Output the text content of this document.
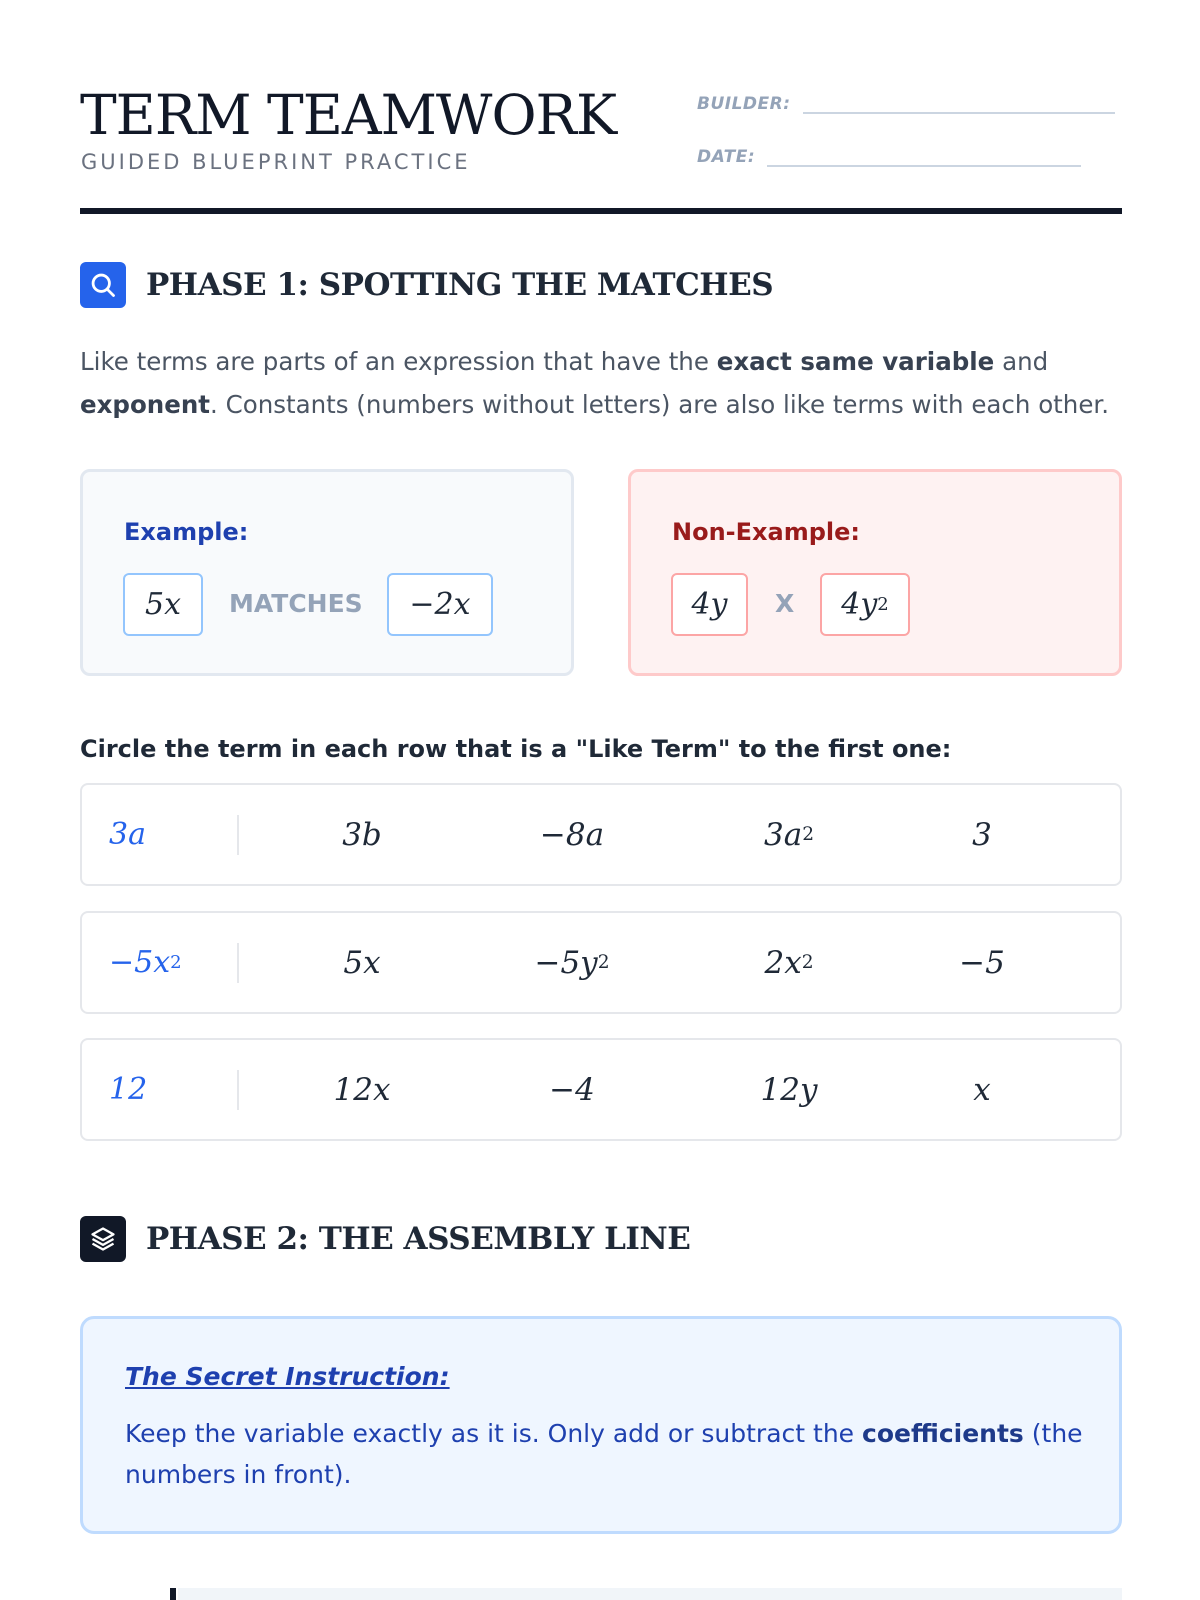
TERM TEAMWORK
GUIDED BLUEPRINT PRACTICE
BUILDER:
DATE:
PHASE 1: SPOTTING THE MATCHES
Like terms are parts of an expression that have the exact same variable and exponent. Constants (numbers without letters) are also like terms with each other.
Example:
5x	MATCHES	−2x
Non-Example:
4y	X 4y 2
Circle the term in each row that is a "Like Term" to the first one:
3a	3b	−8a	3a 2	3
−5x 2	5x	−5y 2	2x 2	−5
12	12x	−4	12y	x
PHASE 2: THE ASSEMBLY LINE
The Secret Instruction:
Keep the variable exactly as it is. Only add or subtract the coefficients (the numbers in front).
